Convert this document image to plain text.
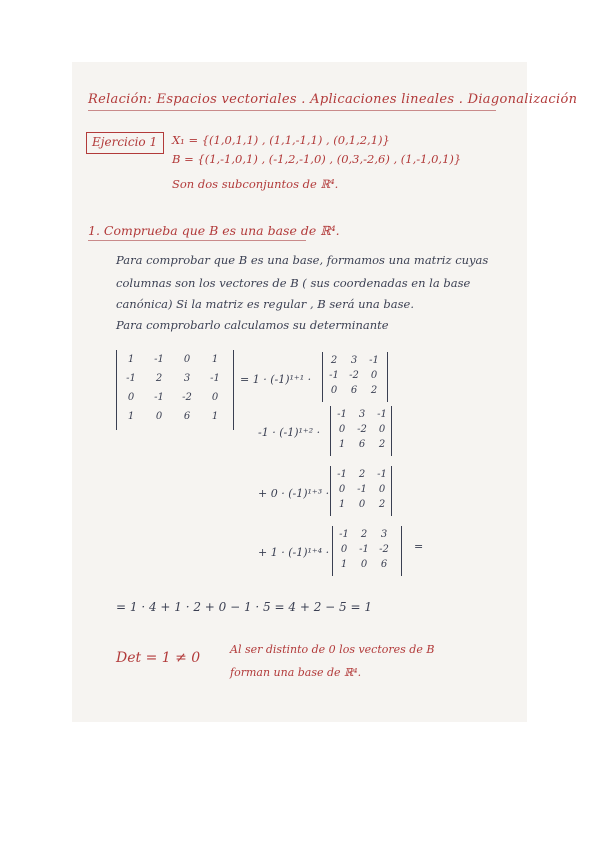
Relación: Espacios vectoriales . Aplicaciones lineales . Diagonalización
Ejercicio 1 X₁ = {(1,0,1,1) , (1,1,-1,1) , (0,1,2,1)}
B = {(1,-1,0,1) , (-1,2,-1,0) , (0,3,-2,6) , (1,-1,0,1)}
Son dos subconjuntos de ℝ⁴.
1. Comprueba que B es una base de ℝ⁴.
Para comprobar que B es una base, formamos una matriz cuyas
columnas son los vectores de B ( sus coordenadas en la base
canónica) Si la matriz es regular , B será una base.
Para comprobarlo calculamos su determinante
1	-1	0	1
-1	2	3	-1
0	-1	-2	0
1	0	6	1
= 1 · (-1)¹⁺¹ ·
-1 · (-1)¹⁺² ·
+ 0 · (-1)¹⁺³ ·
+ 1 · (-1)¹⁺⁴ ·	=
2	3	-1
-1	-2	0
0	6	2
-1	3	-1
0	-2	0
1	6	2
-1	2	-1
0	-1	0
1	0	2
-1	2	3
0	-1	-2
1	0	6
= 1 · 4 + 1 · 2 + 0 − 1 · 5 = 4 + 2 − 5 = 1
Det = 1 ≠ 0
Al ser distinto de 0 los vectores de B
forman una base de ℝ⁴.
